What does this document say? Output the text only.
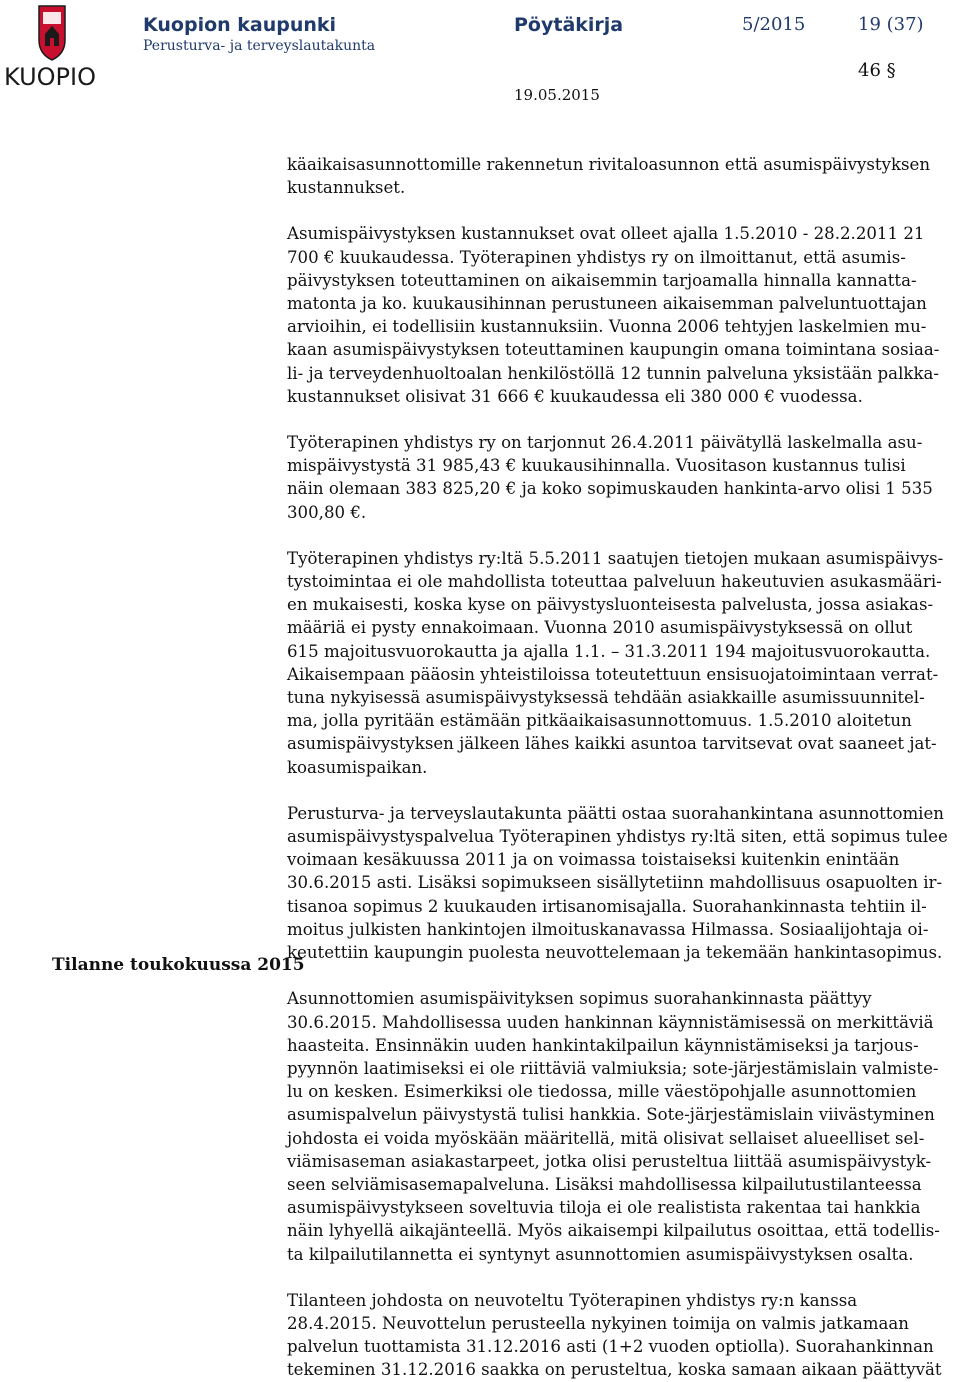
KUOPIO
Kuopion kaupunki
Perusturva- ja terveyslautakunta
Pöytäkirja	5/2015	19 (37)
46 §
19.05.2015
Tilanne toukokuussa 2015

käaikaisasunnottomille rakennetun rivitaloasunnon että asumispäivystyksen
kustannukset.

Asumispäivystyksen kustannukset ovat olleet ajalla 1.5.2010 - 28.2.2011 21
700 € kuukaudessa. Työterapinen yhdistys ry on ilmoittanut, että asumis-
päivystyksen toteuttaminen on aikaisemmin tarjoamalla hinnalla kannatta-
matonta ja ko. kuukausihinnan perustuneen aikaisemman palveluntuottajan
arvioihin, ei todellisiin kustannuksiin. Vuonna 2006 tehtyjen laskelmien mu-
kaan asumispäivystyksen toteuttaminen kaupungin omana toimintana sosiaa-
li- ja terveydenhuoltoalan henkilöstöllä 12 tunnin palveluna yksistään palkka-
kustannukset olisivat 31 666 € kuukaudessa eli 380 000 € vuodessa.

Työterapinen yhdistys ry on tarjonnut 26.4.2011 päivätyllä laskelmalla asu-
mispäivystystä 31 985,43 € kuukausihinnalla. Vuositason kustannus tulisi
näin olemaan 383 825,20 € ja koko sopimuskauden hankinta-arvo olisi 1 535
300,80 €.

Työterapinen yhdistys ry:ltä 5.5.2011 saatujen tietojen mukaan asumispäivys-
tystoimintaa ei ole mahdollista toteuttaa palveluun hakeutuvien asukasmääri-
en mukaisesti, koska kyse on päivystysluonteisesta palvelusta, jossa asiakas-
määriä ei pysty ennakoimaan. Vuonna 2010 asumispäivystyksessä on ollut
615 majoitusvuorokautta ja ajalla 1.1. – 31.3.2011 194 majoitusvuorokautta.
Aikaisempaan pääosin yhteistiloissa toteutettuun ensisuojatoimintaan verrat-
tuna nykyisessä asumispäivystyksessä tehdään asiakkaille asumissuunnitel-
ma, jolla pyritään estämään pitkäaikaisasunnottomuus. 1.5.2010 aloitetun
asumispäivystyksen jälkeen lähes kaikki asuntoa tarvitsevat ovat saaneet jat-
koasumispaikan.

Perusturva- ja terveyslautakunta päätti ostaa suorahankintana asunnottomien
asumispäivystyspalvelua Työterapinen yhdistys ry:ltä siten, että sopimus tulee
voimaan kesäkuussa 2011 ja on voimassa toistaiseksi kuitenkin enintään
30.6.2015 asti. Lisäksi sopimukseen sisällytetiinn mahdollisuus osapuolten ir-
tisanoa sopimus 2 kuukauden irtisanomisajalla. Suorahankinnasta tehtiin il-
moitus julkisten hankintojen ilmoituskanavassa Hilmassa. Sosiaalijohtaja oi-
keutettiin kaupungin puolesta neuvottelemaan ja tekemään hankintasopimus.

Asunnottomien asumispäivityksen sopimus suorahankinnasta päättyy
30.6.2015. Mahdollisessa uuden hankinnan käynnistämisessä on merkittäviä
haasteita. Ensinnäkin uuden hankintakilpailun käynnistämiseksi ja tarjous-
pyynnön laatimiseksi ei ole riittäviä valmiuksia; sote-järjestämislain valmiste-
lu on kesken. Esimerkiksi ole tiedossa, mille väestöpohjalle asunnottomien
asumispalvelun päivystystä tulisi hankkia. Sote-järjestämislain viivästyminen
johdosta ei voida myöskään määritellä, mitä olisivat sellaiset alueelliset sel-
viämisaseman asiakastarpeet, jotka olisi perusteltua liittää asumispäivystyk-
seen selviämisasemapalveluna. Lisäksi mahdollisessa kilpailutustilanteessa
asumispäivystykseen soveltuvia tiloja ei ole realistista rakentaa tai hankkia
näin lyhyellä aikajänteellä. Myös aikaisempi kilpailutus osoittaa, että todellis-
ta kilpailutilannetta ei syntynyt asunnottomien asumispäivystyksen osalta.

Tilanteen johdosta on neuvoteltu Työterapinen yhdistys ry:n kanssa
28.4.2015. Neuvottelun perusteella nykyinen toimija on valmis jatkamaan
palvelun tuottamista 31.12.2016 asti (1+2 vuoden optiolla). Suorahankinnan
tekeminen 31.12.2016 saakka on perusteltua, koska samaan aikaan päättyvät
